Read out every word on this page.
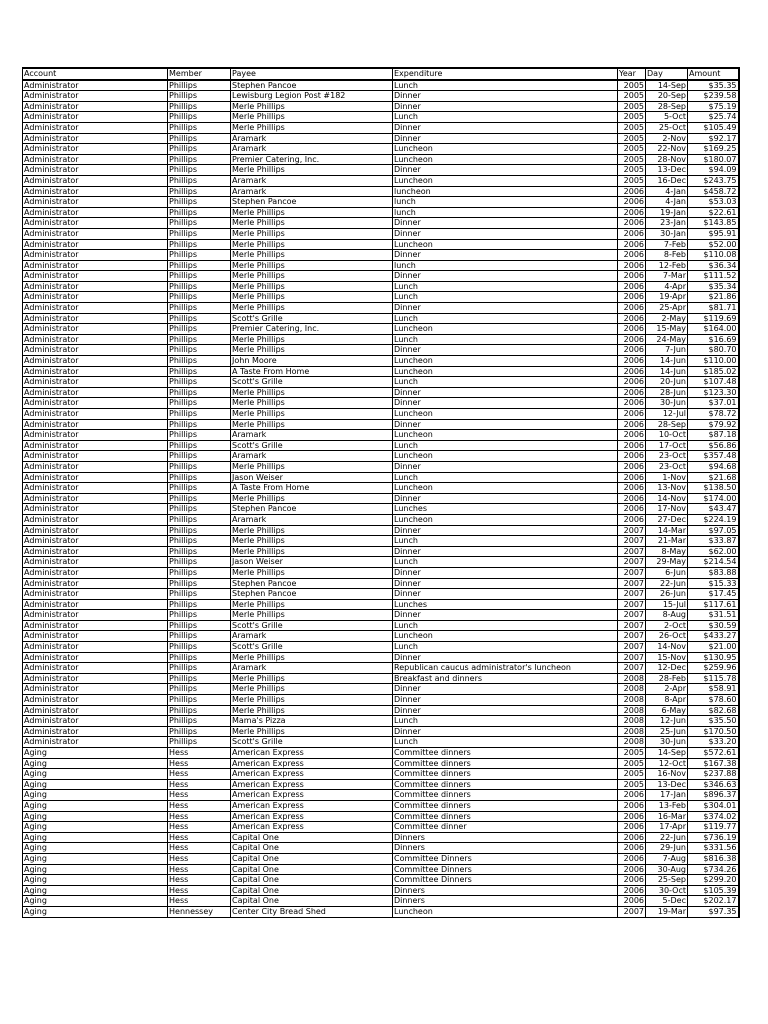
Account	Member	Payee	Expenditure	Year	Day	Amount
Administrator	Phillips	Stephen Pancoe	Lunch	2005	14-Sep	$35.35
Administrator	Phillips	Lewisburg Legion Post #182	Dinner	2005	20-Sep	$239.58
Administrator	Phillips	Merle Phillips	Dinner	2005	28-Sep	$75.19
Administrator	Phillips	Merle Phillips	Lunch	2005	5-Oct	$25.74
Administrator	Phillips	Merle Phillips	Dinner	2005	25-Oct	$105.49
Administrator	Phillips	Aramark	Dinner	2005	2-Nov	$92.17
Administrator	Phillips	Aramark	Luncheon	2005	22-Nov	$169.25
Administrator	Phillips	Premier Catering, Inc.	Luncheon	2005	28-Nov	$180.07
Administrator	Phillips	Merle Phillips	Dinner	2005	13-Dec	$94.09
Administrator	Phillips	Aramark	Luncheon	2005	16-Dec	$243.75
Administrator	Phillips	Aramark	luncheon	2006	4-Jan	$458.72
Administrator	Phillips	Stephen Pancoe	lunch	2006	4-Jan	$53.03
Administrator	Phillips	Merle Phillips	lunch	2006	19-Jan	$22.61
Administrator	Phillips	Merle Phillips	Dinner	2006	23-Jan	$143.85
Administrator	Phillips	Merle Phillips	Dinner	2006	30-Jan	$95.91
Administrator	Phillips	Merle Phillips	Luncheon	2006	7-Feb	$52.00
Administrator	Phillips	Merle Phillips	Dinner	2006	8-Feb	$110.08
Administrator	Phillips	Merle Phillips	lunch	2006	12-Feb	$36.34
Administrator	Phillips	Merle Phillips	Dinner	2006	7-Mar	$111.52
Administrator	Phillips	Merle Phillips	Lunch	2006	4-Apr	$35.34
Administrator	Phillips	Merle Phillips	Lunch	2006	19-Apr	$21.86
Administrator	Phillips	Merle Phillips	Dinner	2006	25-Apr	$81.71
Administrator	Phillips	Scott's Grille	Lunch	2006	2-May	$119.69
Administrator	Phillips	Premier Catering, Inc.	Luncheon	2006	15-May	$164.00
Administrator	Phillips	Merle Phillips	Lunch	2006	24-May	$16.69
Administrator	Phillips	Merle Phillips	Dinner	2006	7-Jun	$80.70
Administrator	Phillips	John Moore	Luncheon	2006	14-Jun	$110.00
Administrator	Phillips	A Taste From Home	Luncheon	2006	14-Jun	$185.02
Administrator	Phillips	Scott's Grille	Lunch	2006	20-Jun	$107.48
Administrator	Phillips	Merle Phillips	Dinner	2006	28-Jun	$123.30
Administrator	Phillips	Merle Phillips	Dinner	2006	30-Jun	$37.01
Administrator	Phillips	Merle Phillips	Luncheon	2006	12-Jul	$78.72
Administrator	Phillips	Merle Phillips	Dinner	2006	28-Sep	$79.92
Administrator	Phillips	Aramark	Luncheon	2006	10-Oct	$87.18
Administrator	Phillips	Scott's Grille	Lunch	2006	17-Oct	$56.86
Administrator	Phillips	Aramark	Luncheon	2006	23-Oct	$357.48
Administrator	Phillips	Merle Phillips	Dinner	2006	23-Oct	$94.68
Administrator	Phillips	Jason Weiser	Lunch	2006	1-Nov	$21.68
Administrator	Phillips	A Taste From Home	Luncheon	2006	13-Nov	$138.50
Administrator	Phillips	Merle Phillips	Dinner	2006	14-Nov	$174.00
Administrator	Phillips	Stephen Pancoe	Lunches	2006	17-Nov	$43.47
Administrator	Phillips	Aramark	Luncheon	2006	27-Dec	$224.19
Administrator	Phillips	Merle Phillips	Dinner	2007	14-Mar	$97.05
Administrator	Phillips	Merle Phillips	Lunch	2007	21-Mar	$33.87
Administrator	Phillips	Merle Phillips	Dinner	2007	8-May	$62.00
Administrator	Phillips	Jason Weiser	Lunch	2007	29-May	$214.54
Administrator	Phillips	Merle Phillips	Dinner	2007	6-Jun	$83.88
Administrator	Phillips	Stephen Pancoe	Dinner	2007	22-Jun	$15.33
Administrator	Phillips	Stephen Pancoe	Dinner	2007	26-Jun	$17.45
Administrator	Phillips	Merle Phillips	Lunches	2007	15-Jul	$117.61
Administrator	Phillips	Merle Phillips	Dinner	2007	8-Aug	$31.51
Administrator	Phillips	Scott's Grille	Lunch	2007	2-Oct	$30.59
Administrator	Phillips	Aramark	Luncheon	2007	26-Oct	$433.27
Administrator	Phillips	Scott's Grille	Lunch	2007	14-Nov	$21.00
Administrator	Phillips	Merle Phillips	Dinner	2007	15-Nov	$130.95
Administrator	Phillips	Aramark	Republican caucus administrator's luncheon	2007	12-Dec	$259.96
Administrator	Phillips	Merle Phillips	Breakfast and dinners	2008	28-Feb	$115.78
Administrator	Phillips	Merle Phillips	Dinner	2008	2-Apr	$58.91
Administrator	Phillips	Merle Phillips	Dinner	2008	8-Apr	$78.60
Administrator	Phillips	Merle Phillips	Dinner	2008	6-May	$82.68
Administrator	Phillips	Mama's Pizza	Lunch	2008	12-Jun	$35.50
Administrator	Phillips	Merle Phillips	Dinner	2008	25-Jun	$170.50
Administrator	Phillips	Scott's Grille	Lunch	2008	30-Jun	$33.20
Aging	Hess	American Express	Committee dinners	2005	14-Sep	$572.61
Aging	Hess	American Express	Committee dinners	2005	12-Oct	$167.38
Aging	Hess	American Express	Committee dinners	2005	16-Nov	$237.88
Aging	Hess	American Express	Committee dinners	2005	13-Dec	$346.63
Aging	Hess	American Express	Committee dinners	2006	17-Jan	$896.37
Aging	Hess	American Express	Committee dinners	2006	13-Feb	$304.01
Aging	Hess	American Express	Committee dinners	2006	16-Mar	$374.02
Aging	Hess	American Express	Committee dinner	2006	17-Apr	$119.77
Aging	Hess	Capital One	Dinners	2006	22-Jun	$736.19
Aging	Hess	Capital One	Dinners	2006	29-Jun	$331.56
Aging	Hess	Capital One	Committee Dinners	2006	7-Aug	$816.38
Aging	Hess	Capital One	Committee Dinners	2006	30-Aug	$734.26
Aging	Hess	Capital One	Committee Dinners	2006	25-Sep	$299.20
Aging	Hess	Capital One	Dinners	2006	30-Oct	$105.39
Aging	Hess	Capital One	Dinners	2006	5-Dec	$202.17
Aging	Hennessey	Center City Bread Shed	Luncheon	2007	19-Mar	$97.35
